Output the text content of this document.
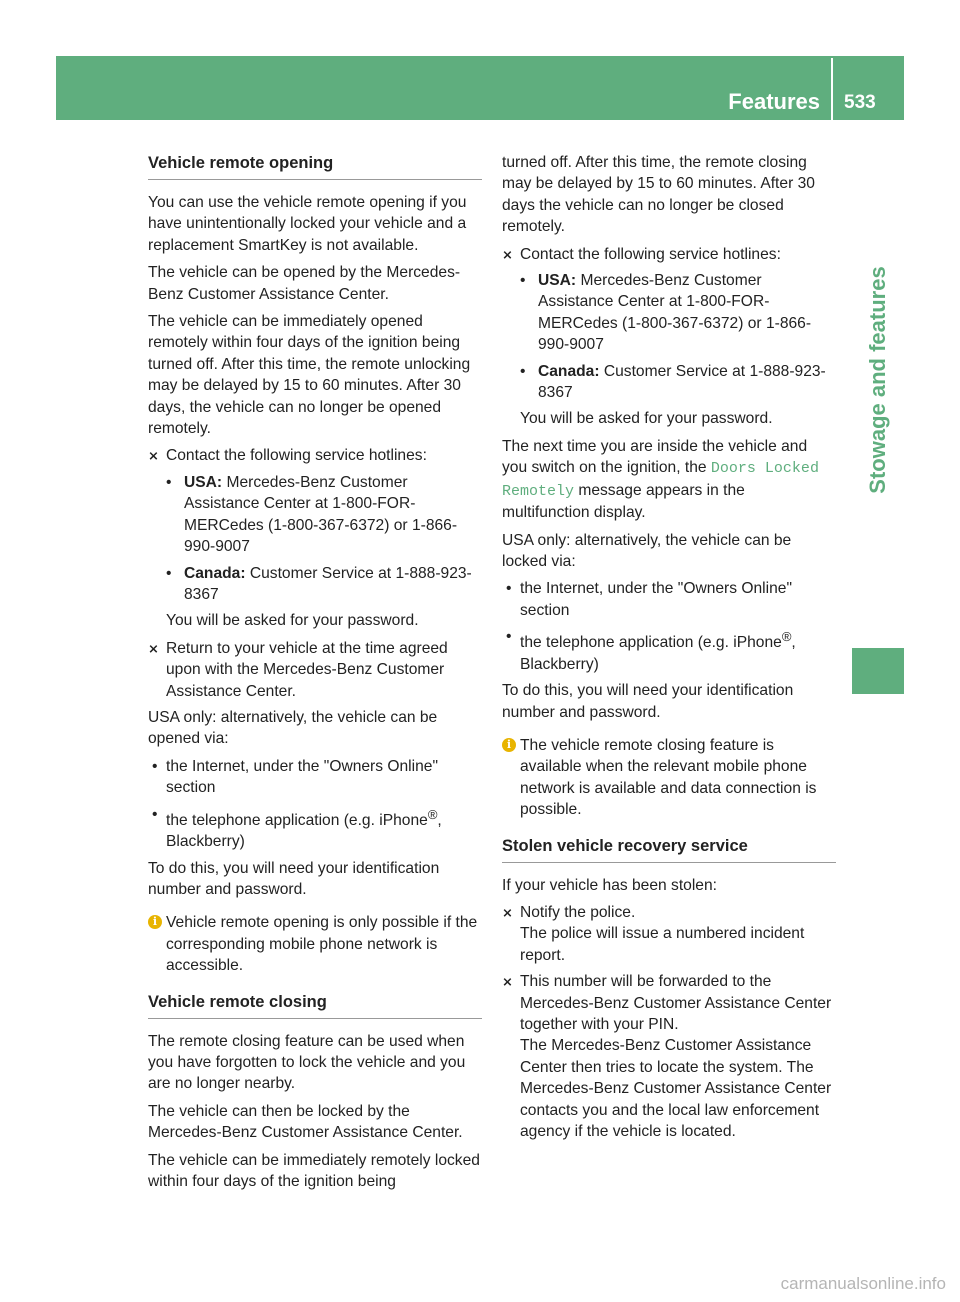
Features 533
Stowage and features
Vehicle remote opening

You can use the vehicle remote opening if you have unintentionally locked your vehicle and a replacement SmartKey is not available.

The vehicle can be opened by the Mercedes-Benz Customer Assistance Center.

The vehicle can be immediately opened remotely within four days of the ignition being turned off. After this time, the remote unlocking may be delayed by 15 to 60 minutes. After 30 days, the vehicle can no longer be opened remotely.

⨯ Contact the following service hotlines:
• USA: Mercedes-Benz Customer Assistance Center at 1-800-FOR-MERCedes (1-800-367-6372) or 1-866-990-9007
• Canada: Customer Service at 1-888-923-8367

You will be asked for your password.

⨯ Return to your vehicle at the time agreed upon with the Mercedes-Benz Customer Assistance Center.

USA only: alternatively, the vehicle can be opened via:

• the Internet, under the "Owners Online" section
• the telephone application (e.g. iPhone®, Blackberry)

To do this, you will need your identification number and password.

i Vehicle remote opening is only possible if the corresponding mobile phone network is accessible.
Vehicle remote closing

The remote closing feature can be used when you have forgotten to lock the vehicle and you are no longer nearby.

The vehicle can then be locked by the Mercedes-Benz Customer Assistance Center.

The vehicle can be immediately remotely locked within four days of the ignition being

turned off. After this time, the remote closing may be delayed by 15 to 60 minutes. After 30 days the vehicle can no longer be closed remotely.

⨯ Contact the following service hotlines:
• USA: Mercedes-Benz Customer Assistance Center at 1-800-FOR-MERCedes (1-800-367-6372) or 1-866-990-9007
• Canada: Customer Service at 1-888-923-8367

You will be asked for your password.

The next time you are inside the vehicle and you switch on the ignition, the Doors Locked Remotely message appears in the multifunction display.

USA only: alternatively, the vehicle can be locked via:

• the Internet, under the "Owners Online" section
• the telephone application (e.g. iPhone®, Blackberry)

To do this, you will need your identification number and password.

i The vehicle remote closing feature is available when the relevant mobile phone network is available and data connection is possible.
Stolen vehicle recovery service

If your vehicle has been stolen:

⨯ Notify the police.
The police will issue a numbered incident report.
⨯ This number will be forwarded to the Mercedes-Benz Customer Assistance Center together with your PIN.
The Mercedes-Benz Customer Assistance Center then tries to locate the system. The Mercedes-Benz Customer Assistance Center contacts you and the local law enforcement agency if the vehicle is located.
carmanualsonline.info
